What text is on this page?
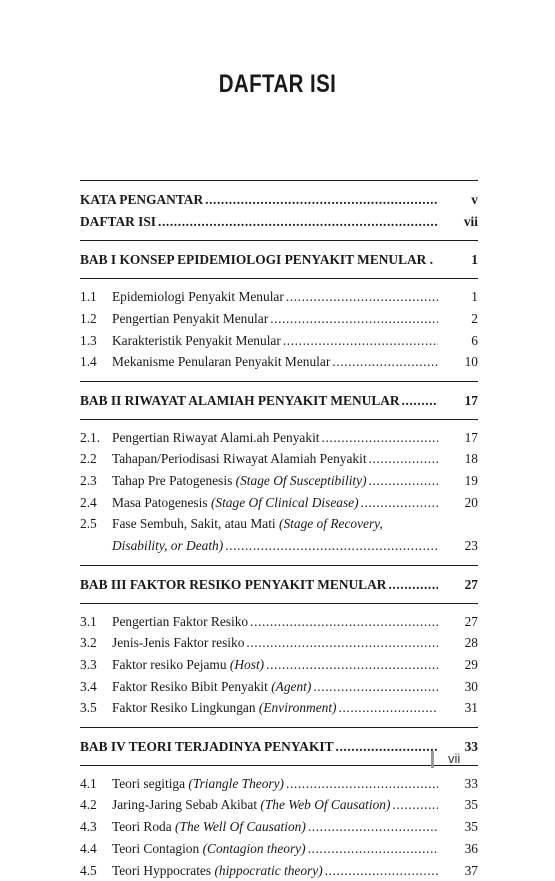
DAFTAR ISI
KATA PENGANTAR .....	v
DAFTAR ISI .....	vii
BAB I KONSEP EPIDEMIOLOGI PENYAKIT MENULAR .	1
1.1	Epidemiologi Penyakit Menular .....	1
1.2	Pengertian Penyakit Menular .....	2
1.3	Karakteristik Penyakit Menular .....	6
1.4	Mekanisme Penularan Penyakit Menular .....	10
BAB II RIWAYAT ALAMIAH PENYAKIT MENULAR .....	17
2.1. Pengertian Riwayat Alami.ah Penyakit .....	17
2.2	Tahapan/Periodisasi Riwayat Alamiah Penyakit .....	18
2.3	Tahap Pre Patogenesis (Stage Of Susceptibility) .....	19
2.4	Masa Patogenesis (Stage Of Clinical Disease) .....	20
2.5	Fase Sembuh, Sakit, atau Mati (Stage of Recovery,
Disability, or Death) .....	23
BAB III FAKTOR RESIKO PENYAKIT MENULAR .....	27
3.1	Pengertian Faktor Resiko .....	27
3.2	Jenis-Jenis Faktor resiko .....	28
3.3	Faktor resiko Pejamu (Host) .....	29
3.4	Faktor Resiko Bibit Penyakit (Agent) .....	30
3.5	Faktor Resiko Lingkungan (Environment) .....	31
BAB IV TEORI TERJADINYA PENYAKIT .....	33
4.1	Teori segitiga (Triangle Theory) .....	33
4.2	Jaring-Jaring Sebab Akibat (The Web Of Causation) .....	35
4.3	Teori Roda (The Well Of Causation) .....	35
4.4	Teori Contagion (Contagion theory) .....	36
4.5	Teori Hyppocrates (hippocratic theory) .....	37
vii
